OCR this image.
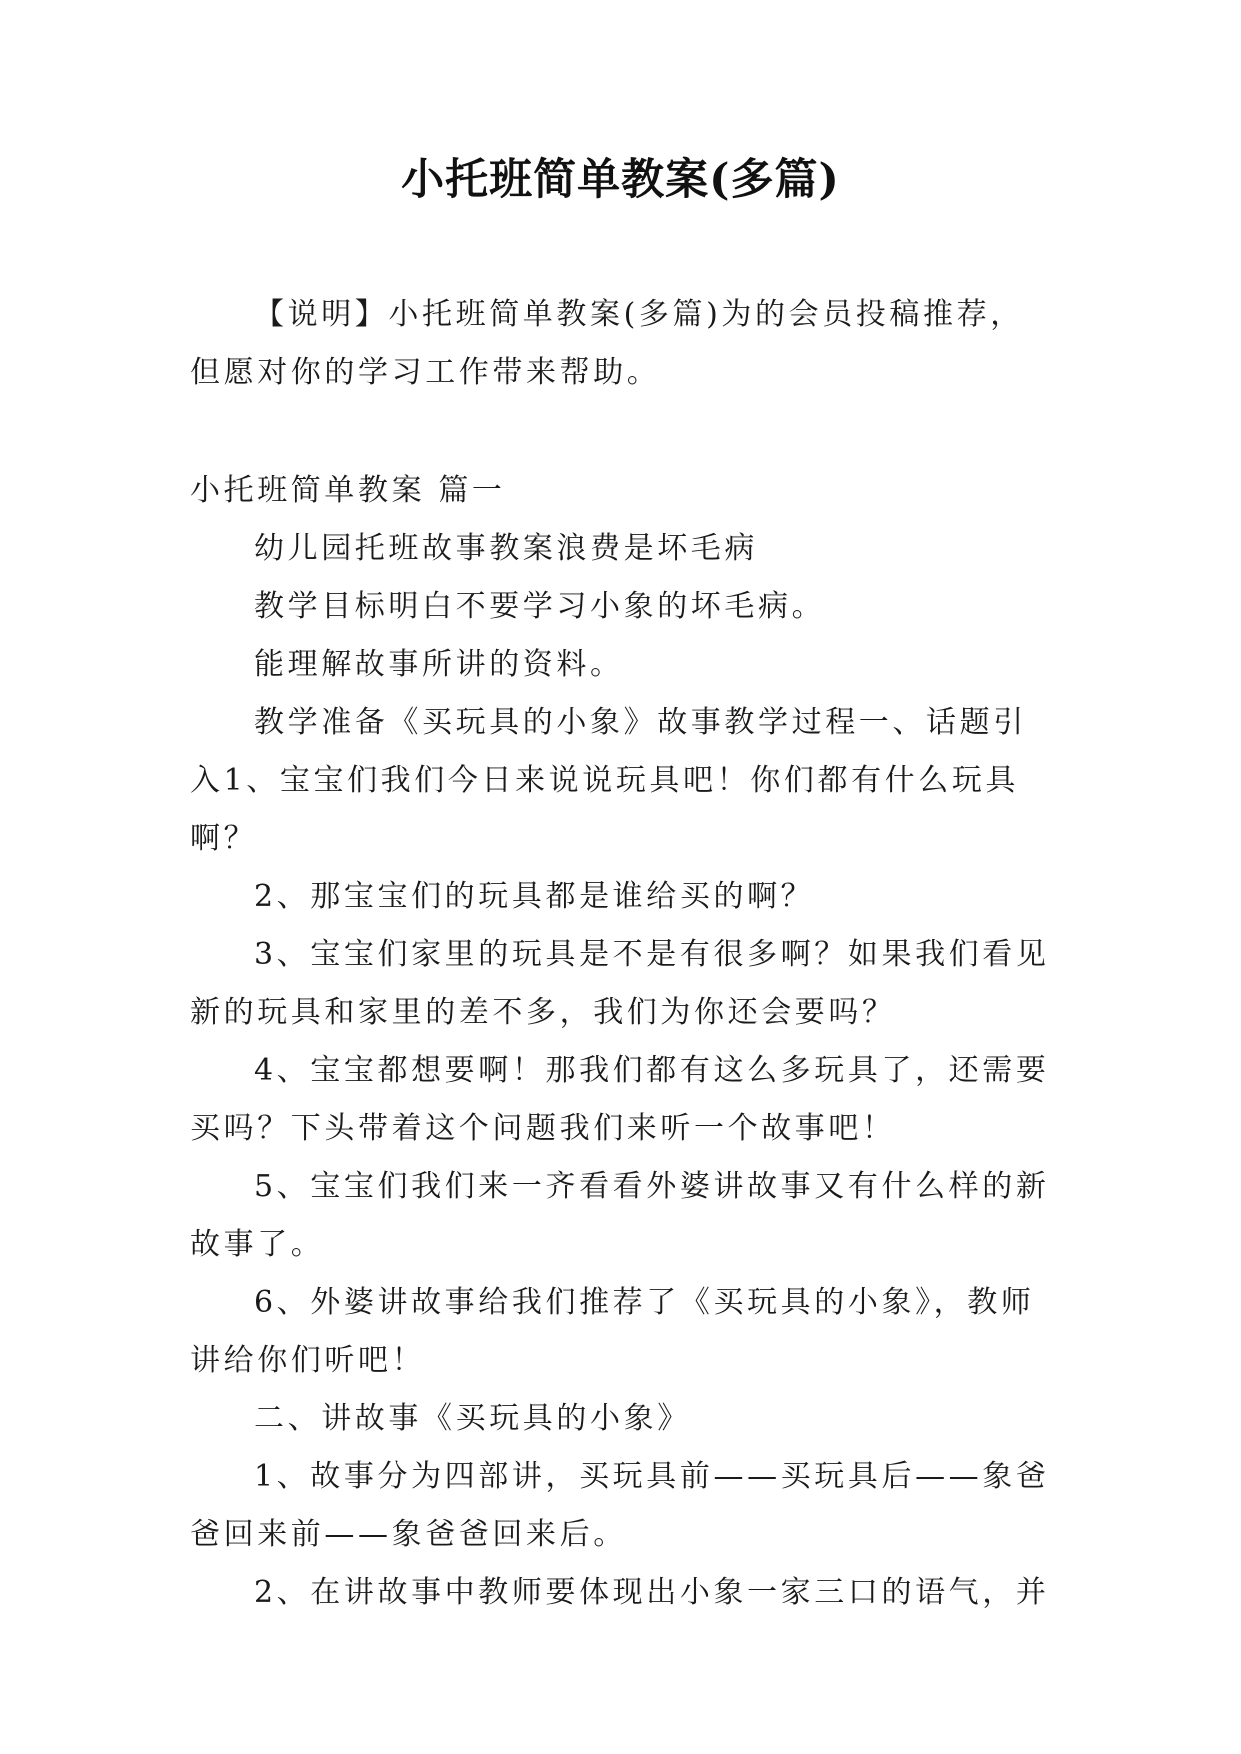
小托班简单教案(多篇)

【说明】小托班简单教案(多篇)为的会员投稿推荐，但愿对你的学习工作带来帮助。

小托班简单教案 篇一

幼儿园托班故事教案浪费是坏毛病

教学目标明白不要学习小象的坏毛病。

能理解故事所讲的资料。

教学准备《买玩具的小象》故事教学过程一、话题引入1、宝宝们我们今日来说说玩具吧！你们都有什么玩具啊？

2、那宝宝们的玩具都是谁给买的啊？

3、宝宝们家里的玩具是不是有很多啊？如果我们看见新的玩具和家里的差不多，我们为你还会要吗？

4、宝宝都想要啊！那我们都有这么多玩具了，还需要买吗？下头带着这个问题我们来听一个故事吧！

5、宝宝们我们来一齐看看外婆讲故事又有什么样的新故事了。

6、外婆讲故事给我们推荐了《买玩具的小象》，教师讲给你们听吧！

二、讲故事《买玩具的小象》

1、故事分为四部讲，买玩具前——买玩具后——象爸爸回来前——象爸爸回来后。

2、在讲故事中教师要体现出小象一家三口的语气，并
